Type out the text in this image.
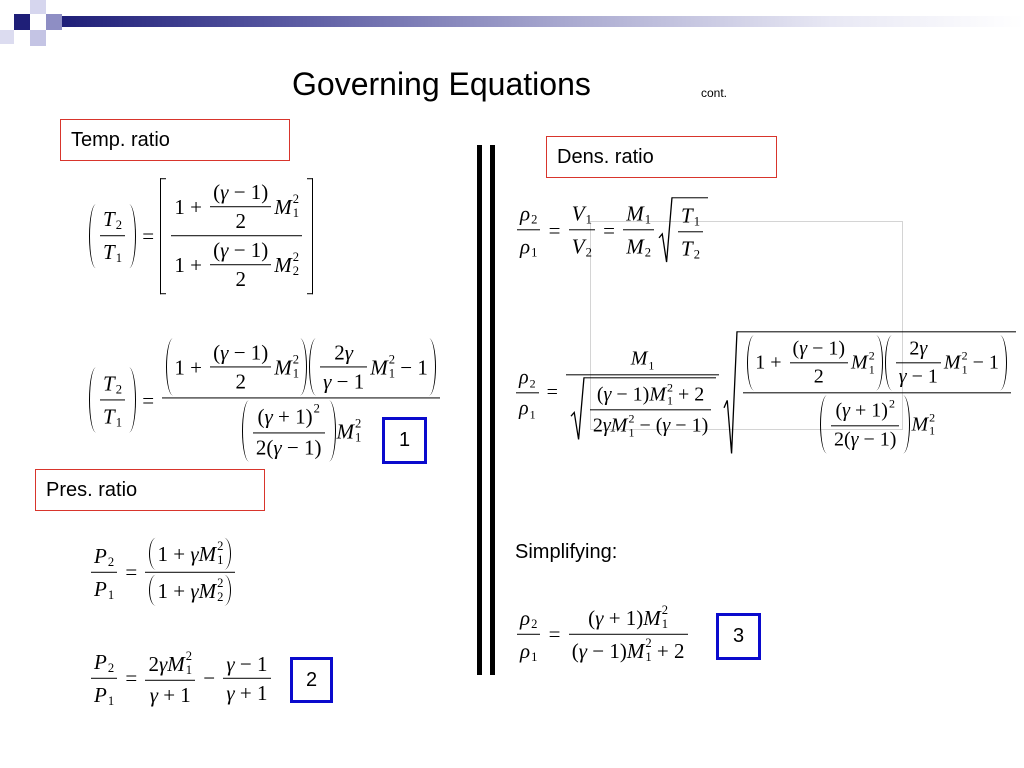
Governing Equations	cont.
Temp. ratio
Dens. ratio
Pres. ratio
$\frac{T 2}{T 1} = 1 + \frac{(\gamma - 1)}{2}$ M 2
1
$1 + \frac{(\gamma - 1)}{2}$ M 2
2
$\frac{T 2}{T 1} = 1 + \frac{(\gamma - 1)}{2}$ M 2
$1 \frac{2\gamma}{\gamma - 1}$ M 2
1 − 1
$\frac{(\gamma + 1) 2}{2(\gamma - 1)}$ M 2
1
$\frac{\rho 2}{\rho 1} = \frac{V 1}{V 2} = \frac{M 1}{M 2} \frac{T 1}{T 2}$
$\frac{\rho 2}{\rho 1} = M$ 1
(γ − 1) M 2
1 + 2
2γ M 2
1 − (γ − 1) $1 + \frac{(\gamma - 1)}{2}$ M 2
$1 \frac{2\gamma}{\gamma - 1}$ M 2
1 − 1
$\frac{(\gamma + 1) 2}{2(\gamma - 1)}$ M 2
1
$\frac{P 2}{P 1} = 1 + \gamma$ M 2
1
1 + γ M 2
2
$\frac{P 2}{P 1} = 2\gamma$ M 2
1
$\gamma + 1 - \frac{\gamma - 1}{\gamma + 1}$
$\frac{\rho 2}{\rho 1} = (\gamma + 1)$ M 2
1
(γ − 1) M 2
1 + 2
Simplifying:
1
2
3
